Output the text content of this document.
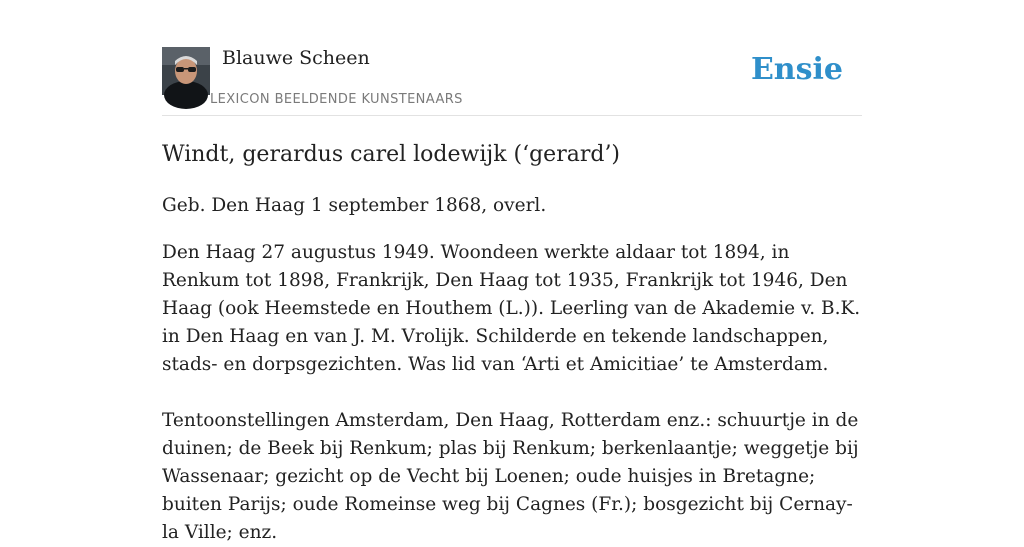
Blauwe Scheen
LEXICON BEELDENDE KUNSTENAARS
Ensie
Windt, gerardus carel lodewijk (‘gerard’)

Geb. Den Haag 1 september 1868, overl.

Den Haag 27 augustus 1949. Woondeen werkte aldaar tot 1894, in Renkum tot 1898, Frankrijk, Den Haag tot 1935, Frankrijk tot 1946, Den Haag (ook Heemstede en Houthem (L.)). Leerling van de Akademie v. B.K. in Den Haag en van J. M. Vrolijk. Schilderde en tekende landschappen, stads- en dorpsgezichten. Was lid van ‘Arti et Amicitiae’ te Amsterdam.

Tentoonstellingen Amsterdam, Den Haag, Rotterdam enz.: schuurtje in de duinen; de Beek bij Renkum; plas bij Renkum; berkenlaantje; weggetje bij Wassenaar; gezicht op de Vecht bij Loenen; oude huisjes in Bretagne; buiten Parijs; oude Romeinse weg bij Cagnes (Fr.); bosgezicht bij Cernay-la Ville; enz.
